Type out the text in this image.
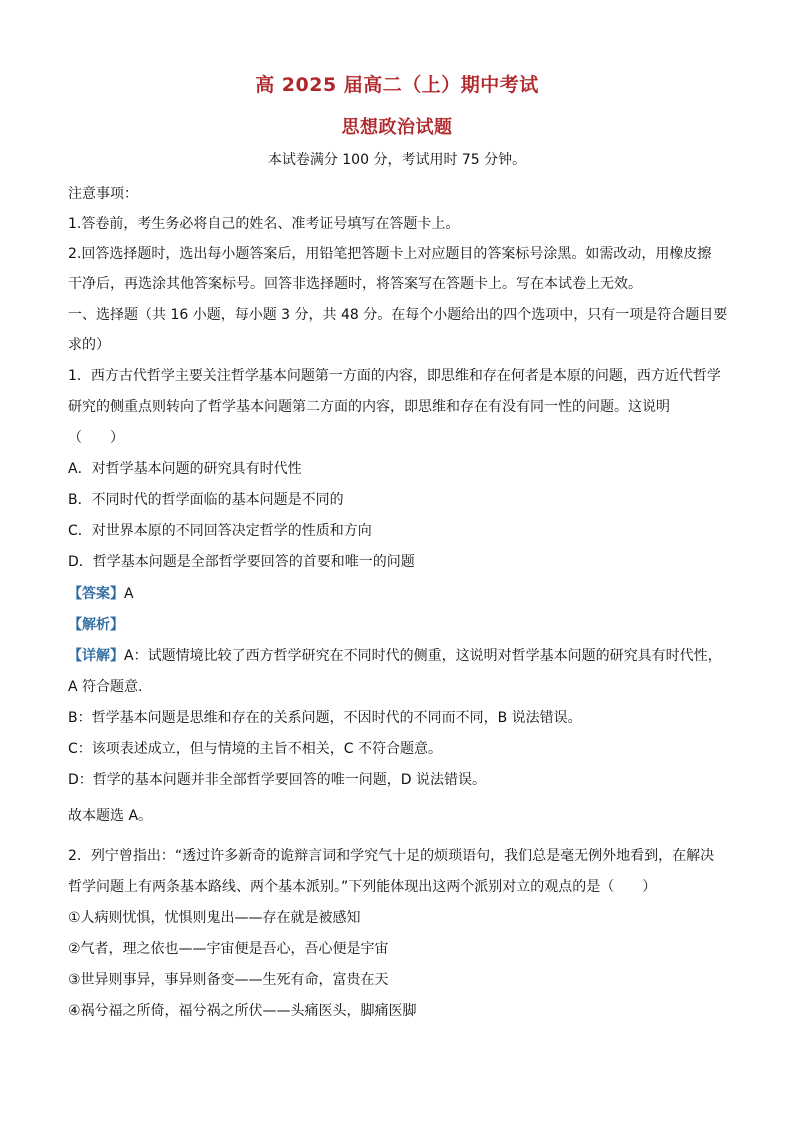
高 2025 届高二（上）期中考试
思想政治试题
本试卷满分 100 分，考试用时 75 分钟。
注意事项：
1.答卷前，考生务必将自己的姓名、准考证号填写在答题卡上。
2.回答选择题时，选出每小题答案后，用铅笔把答题卡上对应题目的答案标号涂黑。如需改动，用橡皮擦
干净后，再选涂其他答案标号。回答非选择题时，将答案写在答题卡上。写在本试卷上无效。
一、选择题（共 16 小题，每小题 3 分，共 48 分。在每个小题给出的四个选项中，只有一项是符合题目要
求的）
1．西方古代哲学主要关注哲学基本问题第一方面的内容，即思维和存在何者是本原的问题，西方近代哲学
研究的侧重点则转向了哲学基本问题第二方面的内容，即思维和存在有没有同一性的问题。这说明
（　　）
A．对哲学基本问题的研究具有时代性
B．不同时代的哲学面临的基本问题是不同的
C．对世界本原的不同回答决定哲学的性质和方向
D．哲学基本问题是全部哲学要回答的首要和唯一的问题
【答案】A
【解析】
【详解】A：试题情境比较了西方哲学研究在不同时代的侧重，这说明对哲学基本问题的研究具有时代性，
A 符合题意.
B：哲学基本问题是思维和存在的关系问题，不因时代的不同而不同，B 说法错误。
C：该项表述成立，但与情境的主旨不相关，C 不符合题意。
D：哲学的基本问题并非全部哲学要回答的唯一问题，D 说法错误。
故本题选 A。
2．列宁曾指出：“透过许多新奇的诡辩言词和学究气十足的烦琐语句，我们总是毫无例外地看到，在解决
哲学问题上有两条基本路线、两个基本派别。”下列能体现出这两个派别对立的观点的是（　　）
①人病则忧惧，忧惧则鬼出——存在就是被感知
②气者，理之依也——宇宙便是吾心，吾心便是宇宙
③世异则事异，事异则备变——生死有命，富贵在天
④祸兮福之所倚，福兮祸之所伏——头痛医头，脚痛医脚
